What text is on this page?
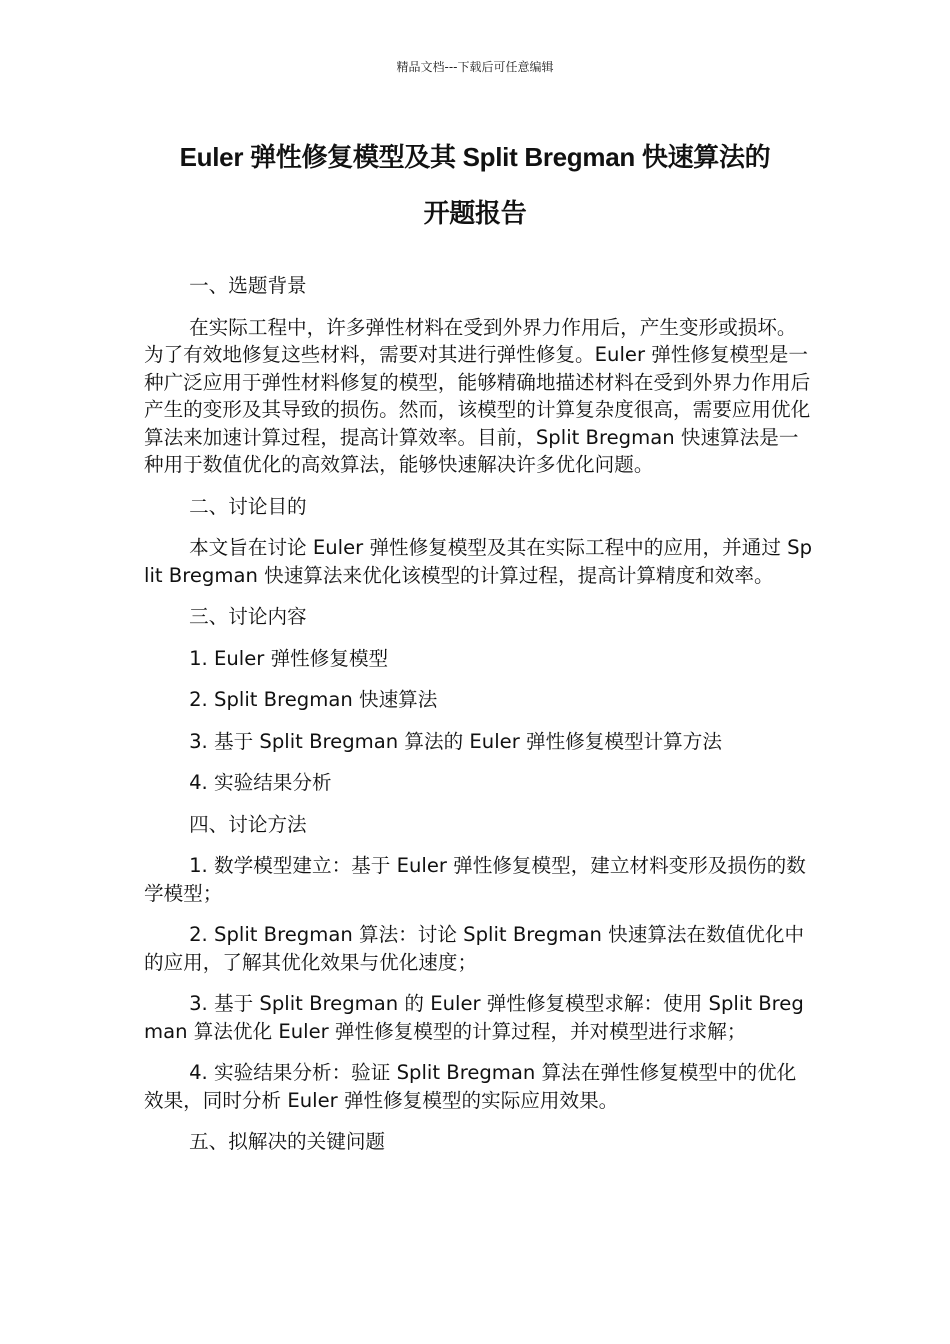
精品文档---下载后可任意编辑
Euler 弹性修复模型及其 Split Bregman 快速算法的
开题报告

一、选题背景

在实际工程中，许多弹性材料在受到外界力作用后，产生变形或损坏。为了有效地修复这些材料，需要对其进行弹性修复。Euler 弹性修复模型是一种广泛应用于弹性材料修复的模型，能够精确地描述材料在受到外界力作用后产生的变形及其导致的损伤。然而，该模型的计算复杂度很高，需要应用优化算法来加速计算过程，提高计算效率。目前，Split Bregman 快速算法是一种用于数值优化的高效算法，能够快速解决许多优化问题。

二、讨论目的

本文旨在讨论 Euler 弹性修复模型及其在实际工程中的应用，并通过 Split Bregman 快速算法来优化该模型的计算过程，提高计算精度和效率。

三、讨论内容

1. Euler 弹性修复模型

2. Split Bregman 快速算法

3. 基于 Split Bregman 算法的 Euler 弹性修复模型计算方法

4. 实验结果分析

四、讨论方法

1. 数学模型建立：基于 Euler 弹性修复模型，建立材料变形及损伤的数学模型；

2. Split Bregman 算法：讨论 Split Bregman 快速算法在数值优化中的应用，了解其优化效果与优化速度；

3. 基于 Split Bregman 的 Euler 弹性修复模型求解：使用 Split Bregman 算法优化 Euler 弹性修复模型的计算过程，并对模型进行求解；

4. 实验结果分析：验证 Split Bregman 算法在弹性修复模型中的优化效果，同时分析 Euler 弹性修复模型的实际应用效果。

五、拟解决的关键问题
